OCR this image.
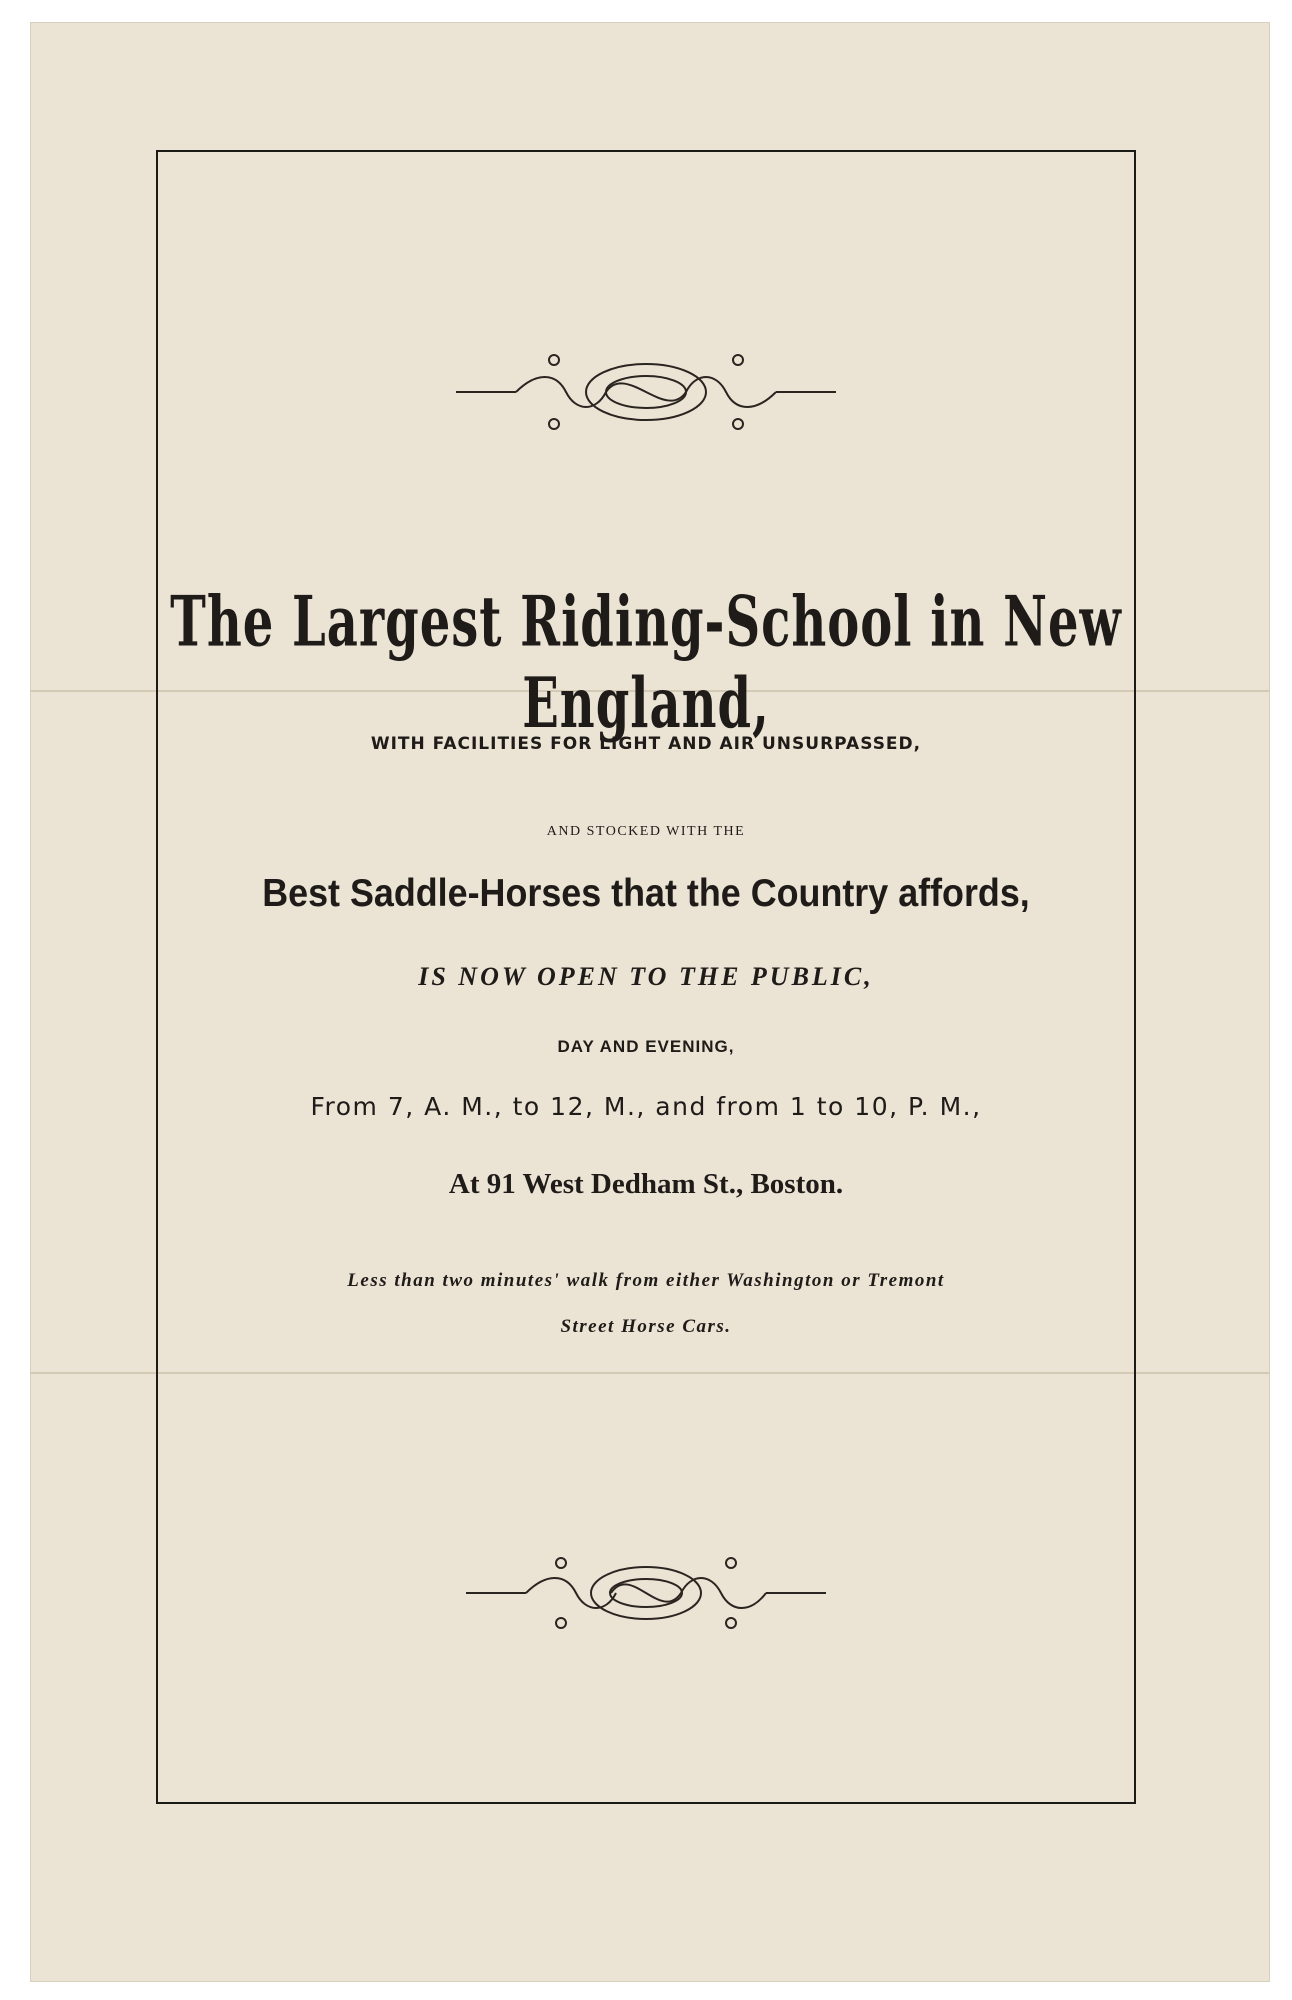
The Largest Riding-School in New England,
WITH FACILITIES FOR LIGHT AND AIR UNSURPASSED,
AND STOCKED WITH THE
Best Saddle-Horses that the Country affords,
IS NOW OPEN TO THE PUBLIC,
DAY AND EVENING,
From 7, A. M., to 12, M., and from 1 to 10, P. M.,
At 91 West Dedham St., Boston.
Less than two minutes' walk from either Washington or Tremont
Street Horse Cars.
